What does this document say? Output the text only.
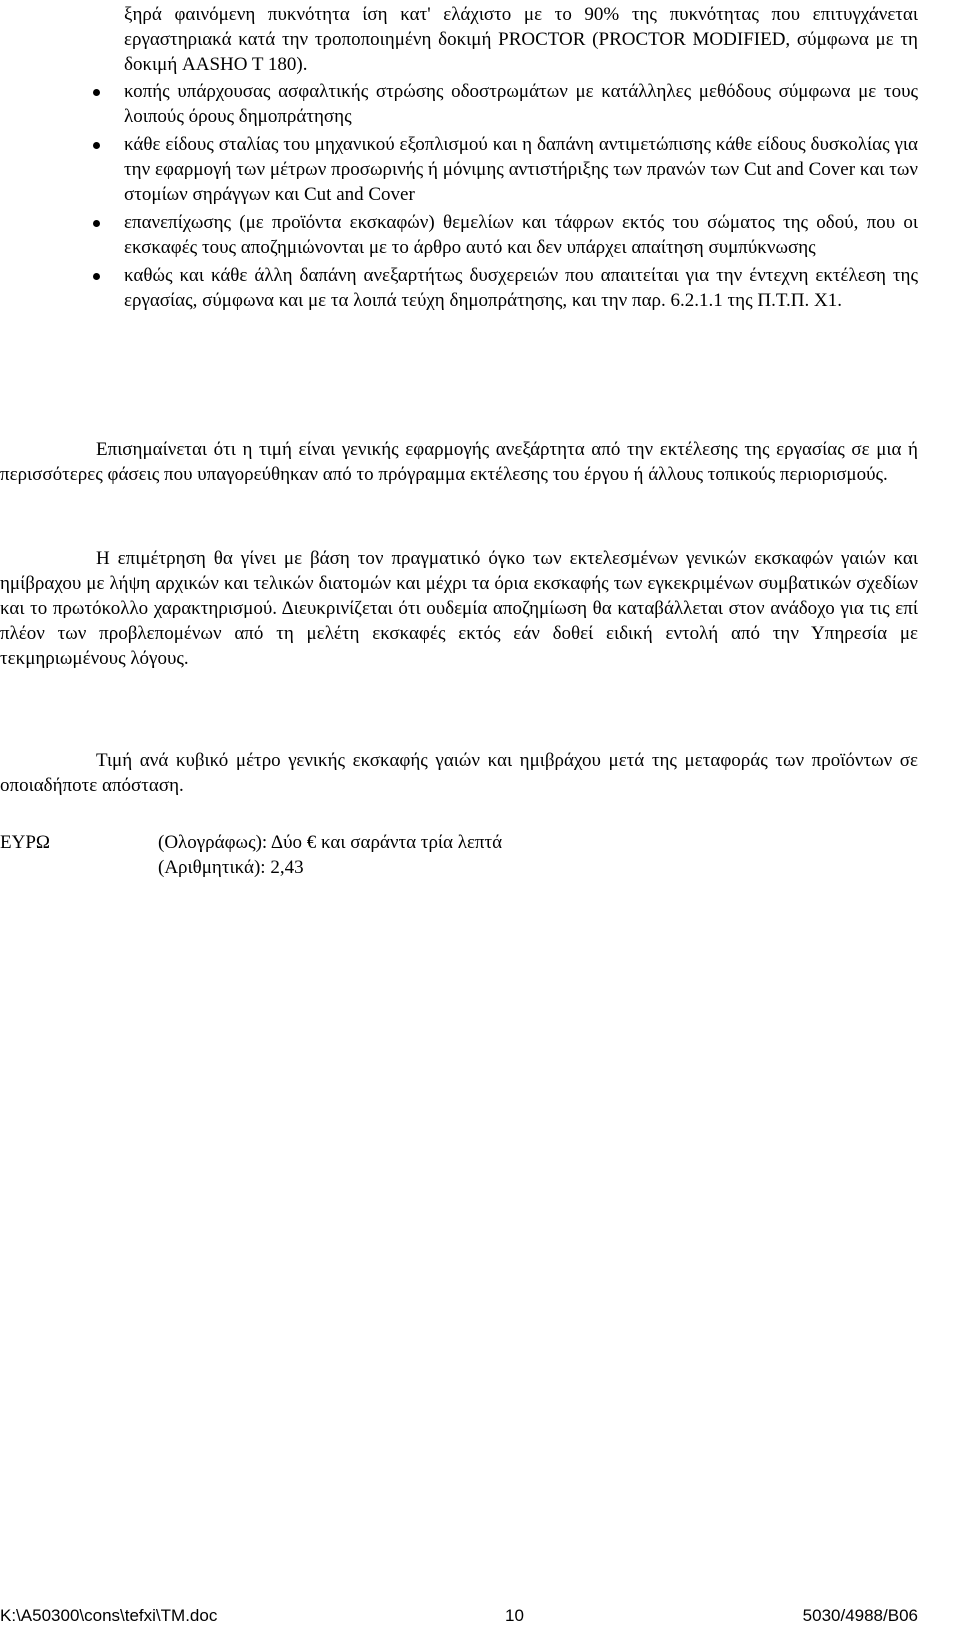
ξηρά φαινόμενη πυκνότητα ίση κατ' ελάχιστο με το 90% της πυκνότητας που επιτυγχάνεται εργαστηριακά κατά την τροποποιημένη δοκιμή PROCTOR (PROCTOR MODIFIED, σύμφωνα με τη δοκιμή AASHO T 180).
κοπής υπάρχουσας ασφαλτικής στρώσης οδοστρωμάτων με κατάλληλες μεθόδους σύμφωνα με τους λοιπούς όρους δημοπράτησης
κάθε είδους σταλίας του μηχανικού εξοπλισμού και η δαπάνη αντιμετώπισης κάθε είδους δυσκολίας για την εφαρμογή των μέτρων προσωρινής ή μόνιμης αντιστήριξης των πρανών των Cut and Cover και των στομίων σηράγγων και Cut and Cover
επανεπίχωσης (με προϊόντα εκσκαφών) θεμελίων και τάφρων εκτός του σώματος της οδού, που οι εκσκαφές τους αποζημιώνονται με το άρθρο αυτό και δεν υπάρχει απαίτηση συμπύκνωσης
καθώς και κάθε άλλη δαπάνη ανεξαρτήτως δυσχερειών που απαιτείται για την έντεχνη εκτέλεση της εργασίας, σύμφωνα και με τα λοιπά τεύχη δημοπράτησης, και την παρ. 6.2.1.1 της Π.Τ.Π. Χ1.
Επισημαίνεται ότι η τιμή είναι γενικής εφαρμογής ανεξάρτητα από την εκτέλεσης της εργασίας σε μια ή περισσότερες φάσεις που υπαγορεύθηκαν από το πρόγραμμα εκτέλεσης του έργου ή άλλους τοπικούς περιορισμούς.
Η επιμέτρηση θα γίνει με βάση τον πραγματικό όγκο των εκτελεσμένων γενικών εκσκαφών γαιών και ημίβραχου με λήψη αρχικών και τελικών διατομών και μέχρι τα όρια εκσκαφής των εγκεκριμένων συμβατικών σχεδίων και το πρωτόκολλο χαρακτηρισμού. Διευκρινίζεται ότι ουδεμία αποζημίωση θα καταβάλλεται στον ανάδοχο για τις επί πλέον των προβλεπομένων από τη μελέτη εκσκαφές εκτός εάν δοθεί ειδική εντολή από την Υπηρεσία με τεκμηριωμένους λόγους.
Τιμή ανά κυβικό μέτρο γενικής εκσκαφής γαιών και ημιβράχου μετά της μεταφοράς των προϊόντων σε οποιαδήποτε απόσταση.
ΕΥΡΩ	(Ολογράφως): Δύο € και σαράντα τρία λεπτά
(Αριθμητικά): 2,43
K:\A50300\cons\tefxi\TM.doc	10	5030/4988/B06
